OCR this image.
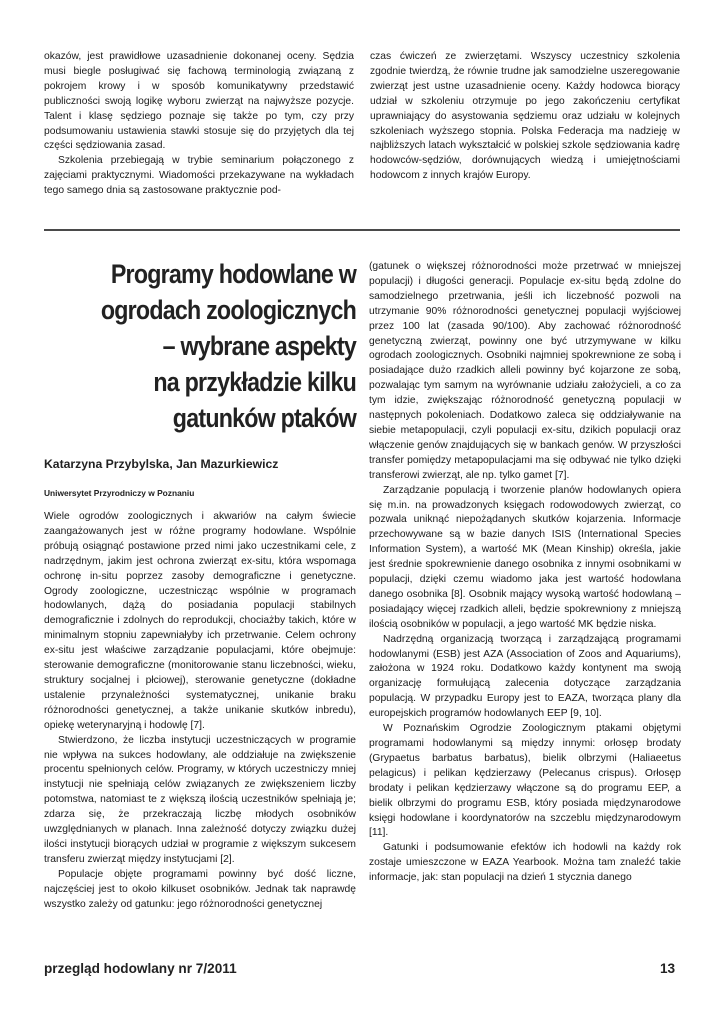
okazów, jest prawidłowe uzasadnienie dokonanej oceny. Sędzia musi biegle posługiwać się fachową terminologią związaną z pokrojem krowy i w sposób komunikatywny przedstawić publiczności swoją logikę wyboru zwierząt na najwyższe pozycje. Talent i klasę sędziego poznaje się także po tym, czy przy podsumowaniu ustawienia stawki stosuje się do przyjętych dla tej części sędziowania zasad.

Szkolenia przebiegają w trybie seminarium połączonego z zajęciami praktycznymi. Wiadomości przekazywane na wykładach tego samego dnia są zastosowane praktycznie pod-

czas ćwiczeń ze zwierzętami. Wszyscy uczestnicy szkolenia zgodnie twierdzą, że równie trudne jak samodzielne uszeregowanie zwierząt jest ustne uzasadnienie oceny. Każdy hodowca biorący udział w szkoleniu otrzymuje po jego zakończeniu certyfikat uprawniający do asystowania sędziemu oraz udziału w kolejnych szkoleniach wyższego stopnia. Polska Federacja ma nadzieję w najbliższych latach wykształcić w polskiej szkole sędziowania kadrę hodowców-sędziów, dorównujących wiedzą i umiejętnościami hodowcom z innych krajów Europy.

Programy hodowlane w
ogrodach zoologicznych
– wybrane aspekty
na przykładzie kilku
gatunków ptaków
Katarzyna Przybylska, Jan Mazurkiewicz
Uniwersytet Przyrodniczy w Poznaniu

Wiele ogrodów zoologicznych i akwariów na całym świecie zaangażowanych jest w różne programy hodowlane. Wspólnie próbują osiągnąć postawione przed nimi jako uczestnikami cele, z nadrzędnym, jakim jest ochrona zwierząt ex-situ, która wspomaga ochronę in-situ poprzez zasoby demograficzne i genetyczne. Ogrody zoologiczne, uczestnicząc wspólnie w programach hodowlanych, dążą do posiadania populacji stabilnych demograficznie i zdolnych do reprodukcji, chociażby takich, które w minimalnym stopniu zapewniałyby ich przetrwanie. Celem ochrony ex-situ jest właściwe zarządzanie populacjami, które obejmuje: sterowanie demograficzne (monitorowanie stanu liczebności, wieku, struktury socjalnej i płciowej), sterowanie genetyczne (dokładne ustalenie przynależności systematycznej, unikanie braku różnorodności genetycznej, a także unikanie skutków inbredu), opiekę weterynaryjną i hodowlę [7].

Stwierdzono, że liczba instytucji uczestniczących w programie nie wpływa na sukces hodowlany, ale oddziałuje na zwiększenie procentu spełnionych celów. Programy, w których uczestniczy mniej instytucji nie spełniają celów związanych ze zwiększeniem liczby potomstwa, natomiast te z większą ilością uczestników spełniają je; zdarza się, że przekraczają liczbę młodych osobników uwzględnianych w planach. Inna zależność dotyczy związku dużej ilości instytucji biorących udział w programie z większym sukcesem transferu zwierząt między instytucjami [2].

Populacje objęte programami powinny być dość liczne, najczęściej jest to około kilkuset osobników. Jednak tak naprawdę wszystko zależy od gatunku: jego różnorodności genetycznej

(gatunek o większej różnorodności może przetrwać w mniejszej populacji) i długości generacji. Populacje ex-situ będą zdolne do samodzielnego przetrwania, jeśli ich liczebność pozwoli na utrzymanie 90% różnorodności genetycznej populacji wyjściowej przez 100 lat (zasada 90/100). Aby zachować różnorodność genetyczną zwierząt, powinny one być utrzymywane w kilku ogrodach zoologicznych. Osobniki najmniej spokrewnione ze sobą i posiadające dużo rzadkich alleli powinny być kojarzone ze sobą, pozwalając tym samym na wyrównanie udziału założycieli, a co za tym idzie, zwiększając różnorodność genetyczną populacji w następnych pokoleniach. Dodatkowo zaleca się oddziaływanie na siebie metapopulacji, czyli populacji ex-situ, dzikich populacji oraz włączenie genów znajdujących się w bankach genów. W przyszłości transfer pomiędzy metapopulacjami ma się odbywać nie tylko dzięki transferowi zwierząt, ale np. tylko gamet [7].

Zarządzanie populacją i tworzenie planów hodowlanych opiera się m.in. na prowadzonych księgach rodowodowych zwierząt, co pozwala uniknąć niepożądanych skutków kojarzenia. Informacje przechowywane są w bazie danych ISIS (International Species Information System), a wartość MK (Mean Kinship) określa, jakie jest średnie spokrewnienie danego osobnika z innymi osobnikami w populacji, dzięki czemu wiadomo jaka jest wartość hodowlana danego osobnika [8]. Osobnik mający wysoką wartość hodowlaną – posiadający więcej rzadkich alleli, będzie spokrewniony z mniejszą ilością osobników w populacji, a jego wartość MK będzie niska.

Nadrzędną organizacją tworzącą i zarządzającą programami hodowlanymi (ESB) jest AZA (Association of Zoos and Aquariums), założona w 1924 roku. Dodatkowo każdy kontynent ma swoją organizację formułującą zalecenia dotyczące zarządzania populacją. W przypadku Europy jest to EAZA, tworząca plany dla europejskich programów hodowlanych EEP [9, 10].

W Poznańskim Ogrodzie Zoologicznym ptakami objętymi programami hodowlanymi są między innymi: orłosęp brodaty (Grypaetus barbatus barbatus), bielik olbrzymi (Haliaeetus pelagicus) i pelikan kędzierzawy (Pelecanus crispus). Orłosęp brodaty i pelikan kędzierzawy włączone są do programu EEP, a bielik olbrzymi do programu ESB, który posiada międzynarodowe księgi hodowlane i koordynatorów na szczeblu międzynarodowym [11].

Gatunki i podsumowanie efektów ich hodowli na każdy rok zostaje umieszczone w EAZA Yearbook. Można tam znaleźć takie informacje, jak: stan populacji na dzień 1 stycznia danego

przegląd hodowlany nr 7/2011	13
